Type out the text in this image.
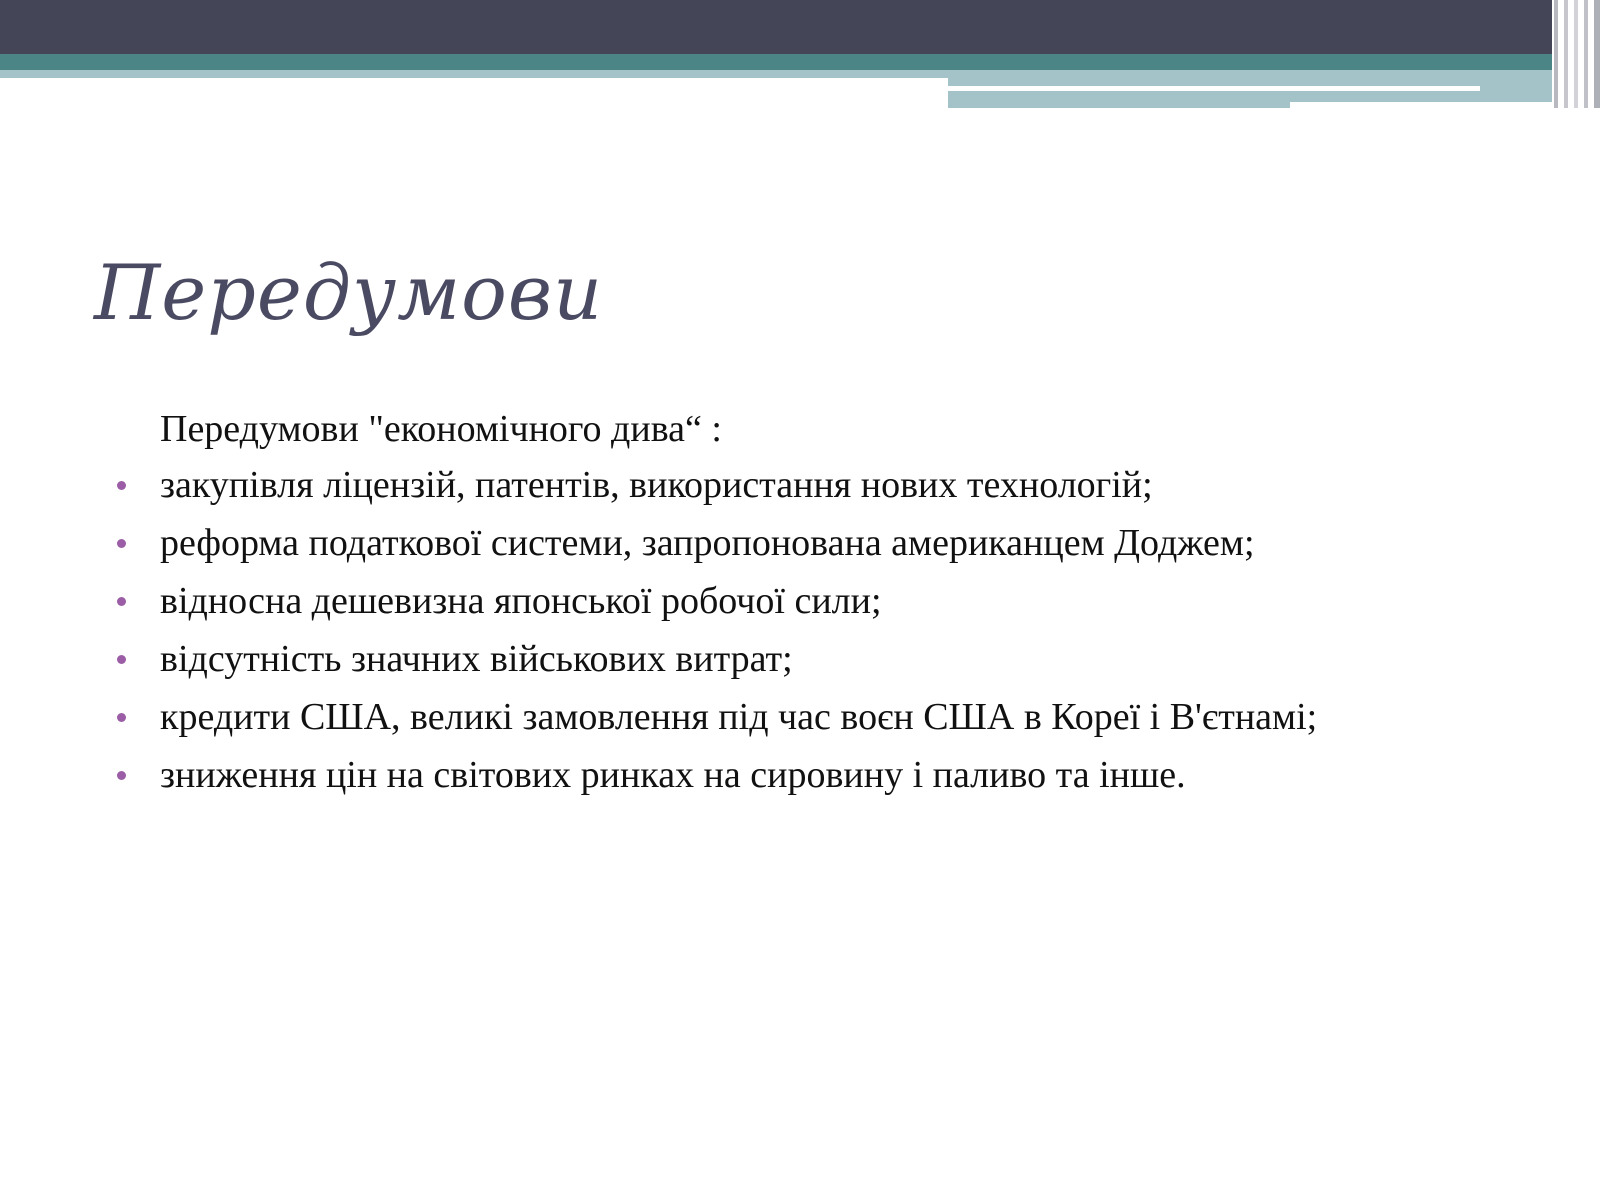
Передумови

Передумови "економічного дива“ :

закупівля ліцензій, патентів, використання нових технологій;
реформа податкової системи, запропонована американцем Доджем;
відносна дешевизна японської робочої сили;
відсутність значних військових витрат;
кредити США, великі замовлення під час воєн США в Кореї і В'єтнамі;
зниження цін на світових ринках на сировину і паливо та інше.
